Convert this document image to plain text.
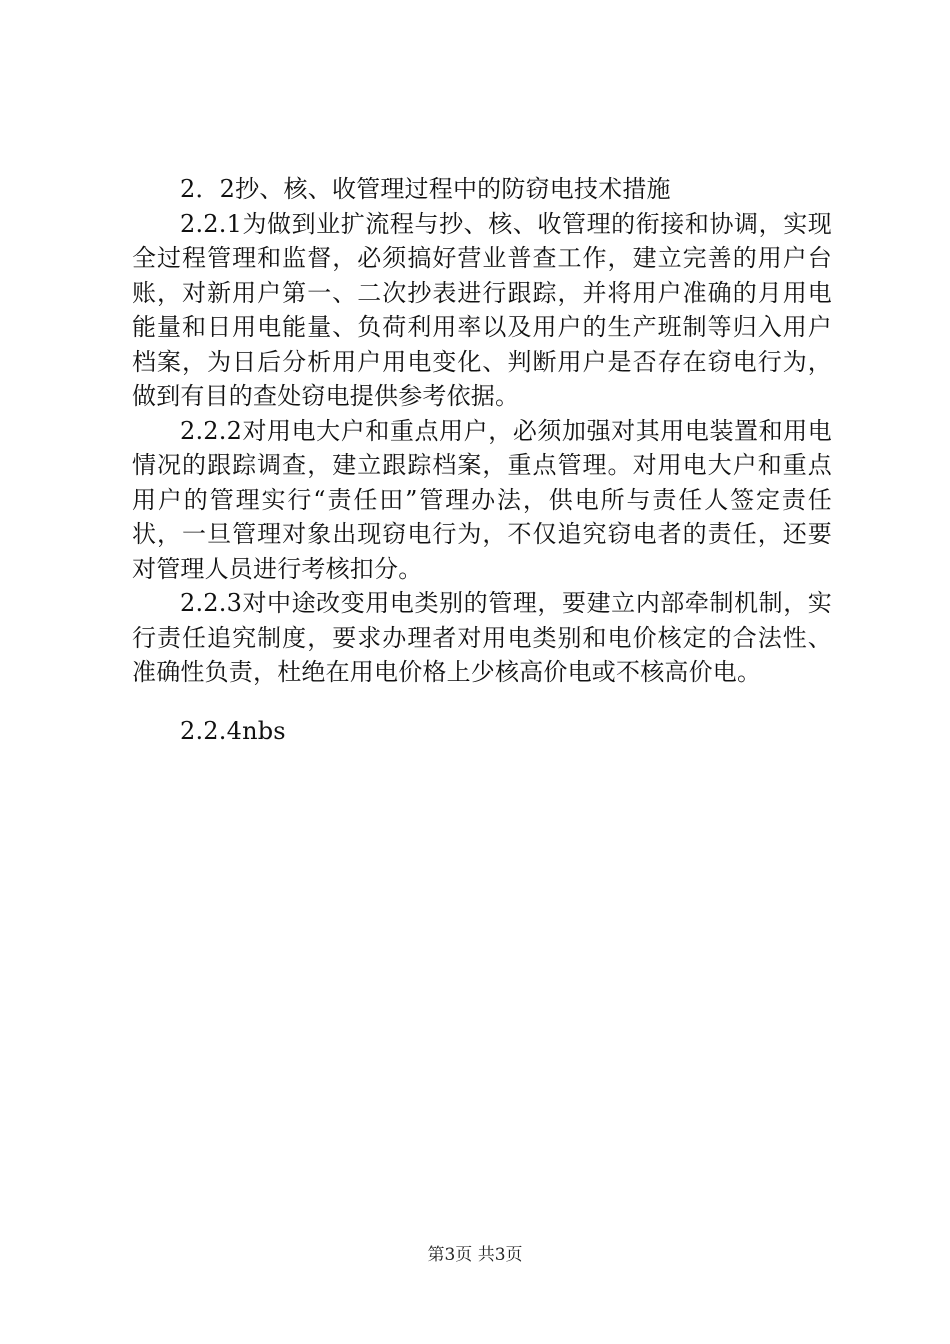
2．2抄、核、收管理过程中的防窃电技术措施

2.2.1为做到业扩流程与抄、核、收管理的衔接和协调，实现全过程管理和监督，必须搞好营业普查工作，建立完善的用户台账，对新用户第一、二次抄表进行跟踪，并将用户准确的月用电能量和日用电能量、负荷利用率以及用户的生产班制等归入用户档案，为日后分析用户用电变化、判断用户是否存在窃电行为，做到有目的查处窃电提供参考依据。

2.2.2对用电大户和重点用户，必须加强对其用电装置和用电情况的跟踪调查，建立跟踪档案，重点管理。对用电大户和重点用户的管理实行“责任田”管理办法，供电所与责任人签定责任状，一旦管理对象出现窃电行为，不仅追究窃电者的责任，还要对管理人员进行考核扣分。

2.2.3对中途改变用电类别的管理，要建立内部牵制机制，实行责任追究制度，要求办理者对用电类别和电价核定的合法性、准确性负责，杜绝在用电价格上少核高价电或不核高价电。

2.2.4nbs

第3页 共3页
